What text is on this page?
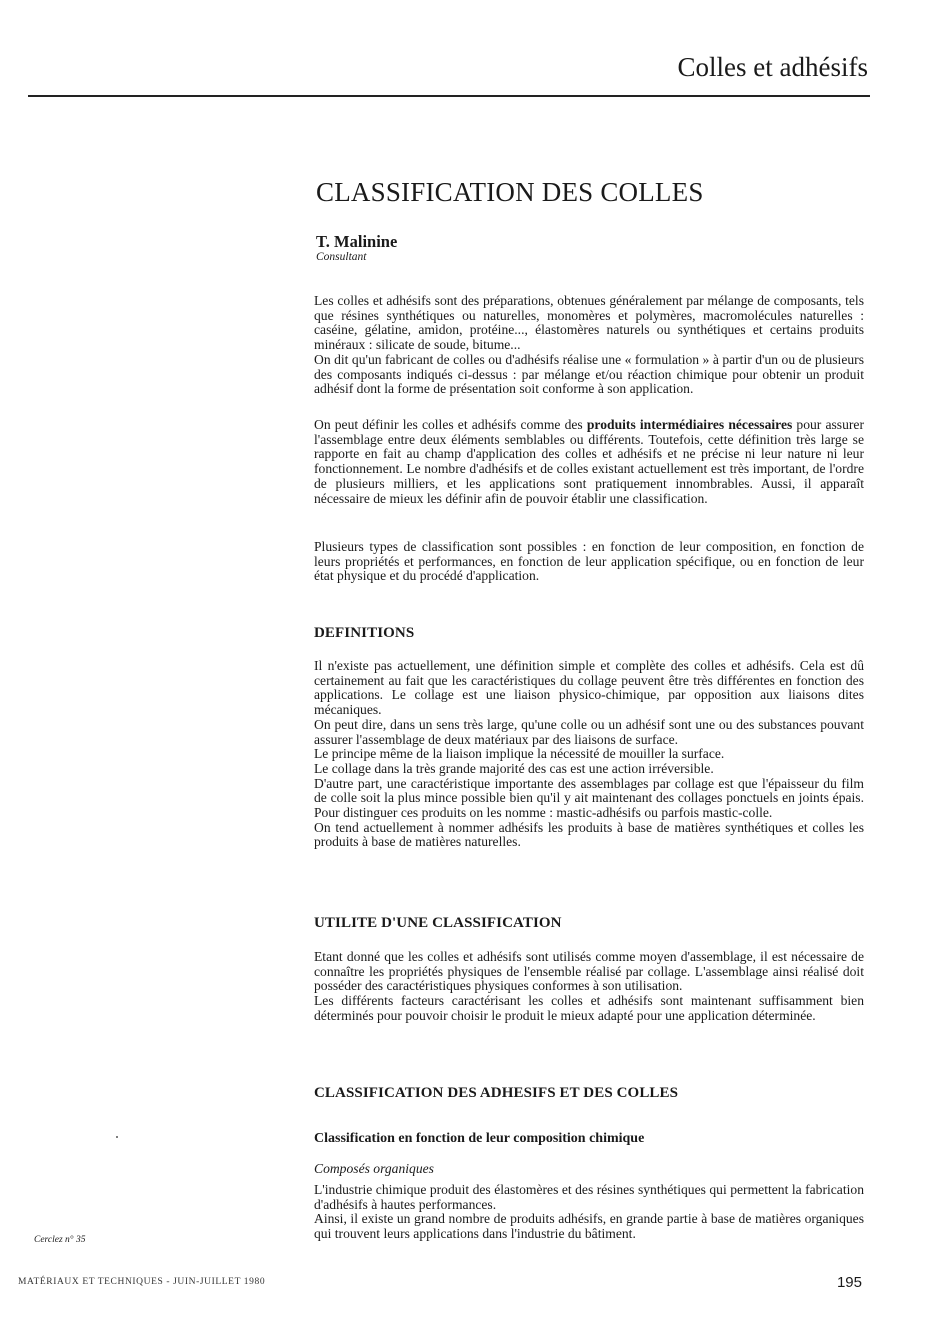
Colles et adhésifs
CLASSIFICATION DES COLLES
T. Malinine
Consultant

Les colles et adhésifs sont des préparations, obtenues généralement par mélange de composants, tels que résines synthétiques ou naturelles, monomères et polymères, macromolécules naturelles : caséine, gélatine, amidon, protéine..., élastomères naturels ou synthétiques et certains produits minéraux : silicate de soude, bitume...

On dit qu'un fabricant de colles ou d'adhésifs réalise une « formulation » à partir d'un ou de plusieurs des composants indiqués ci-dessus : par mélange et/ou réaction chimique pour obtenir un produit adhésif dont la forme de présentation soit conforme à son application.

On peut définir les colles et adhésifs comme des produits intermédiaires nécessaires pour assurer l'assemblage entre deux éléments semblables ou différents. Toutefois, cette définition très large se rapporte en fait au champ d'application des colles et adhésifs et ne précise ni leur nature ni leur fonctionnement. Le nombre d'adhésifs et de colles existant actuellement est très important, de l'ordre de plusieurs milliers, et les applications sont pratiquement innombrables. Aussi, il apparaît nécessaire de mieux les définir afin de pouvoir établir une classification.

Plusieurs types de classification sont possibles : en fonction de leur composition, en fonction de leurs propriétés et performances, en fonction de leur application spécifique, ou en fonction de leur état physique et du procédé d'application.

DEFINITIONS

Il n'existe pas actuellement, une définition simple et complète des colles et adhésifs. Cela est dû certainement au fait que les caractéristiques du collage peuvent être très différentes en fonction des applications. Le collage est une liaison physico-chimique, par opposition aux liaisons dites mécaniques.

On peut dire, dans un sens très large, qu'une colle ou un adhésif sont une ou des substances pouvant assurer l'assemblage de deux matériaux par des liaisons de surface.

Le principe même de la liaison implique la nécessité de mouiller la surface.

Le collage dans la très grande majorité des cas est une action irréversible.

D'autre part, une caractéristique importante des assemblages par collage est que l'épaisseur du film de colle soit la plus mince possible bien qu'il y ait maintenant des collages ponctuels en joints épais. Pour distinguer ces produits on les nomme : mastic-adhésifs ou parfois mastic-colle.

On tend actuellement à nommer adhésifs les produits à base de matières synthétiques et colles les produits à base de matières naturelles.

UTILITE D'UNE CLASSIFICATION

Etant donné que les colles et adhésifs sont utilisés comme moyen d'assemblage, il est nécessaire de connaître les propriétés physiques de l'ensemble réalisé par collage. L'assemblage ainsi réalisé doit posséder des caractéristiques physiques conformes à son utilisation.

Les différents facteurs caractérisant les colles et adhésifs sont maintenant suffisamment bien déterminés pour pouvoir choisir le produit le mieux adapté pour une application déterminée.

CLASSIFICATION DES ADHESIFS ET DES COLLES
Classification en fonction de leur composition chimique
Composés organiques

L'industrie chimique produit des élastomères et des résines synthétiques qui permettent la fabrication d'adhésifs à hautes performances.

Ainsi, il existe un grand nombre de produits adhésifs, en grande partie à base de matières organiques qui trouvent leurs applications dans l'industrie du bâtiment.

Cerclez n° 35
MATÉRIAUX ET TECHNIQUES - JUIN-JUILLET 1980	195
